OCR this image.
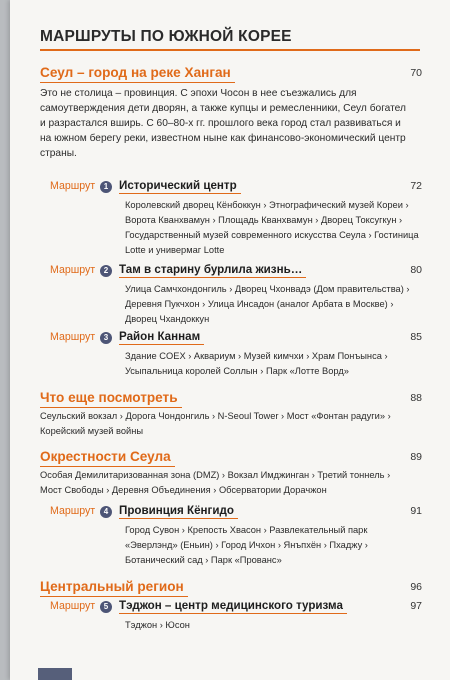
МАРШРУТЫ ПО ЮЖНОЙ КОРЕЕ
Сеул – город на реке Ханган	70
Это не столица – провинция. С эпохи Чосон в нее съезжались для самоутверждения дети дворян, а также купцы и ремесленники, Сеул богател и разрастался вширь. С 60–80-х гг. прошлого века город стал развиваться и на южном берегу реки, известном ныне как финансово-экономический центр страны.
Маршрут	1 Исторический центр	72
Королевский дворец Кёнбоккун › Этнографический музей Кореи › Ворота Кванхвамун › Площадь Кванхвамун › Дворец Токсугкун › Государственный музей современного искусства Сеула › Гостиница Lotte и универмаг Lotte
Маршрут	2 Там в старину бурлила жизнь…	80
Улица Самчхондонгиль › Дворец Чхонвадэ (Дом правительства) › Деревня Пукчхон › Улица Инсадон (аналог Арбата в Москве) › Дворец Чхандоккун
Маршрут	3 Район Каннам	85
Здание COEX › Аквариум › Музей кимчхи › Храм Понъынса › Усыпальница королей Соллын › Парк «Лотте Ворд»
Что еще посмотреть	88
Сеульский вокзал › Дорога Чондонгиль › N-Seoul Tower › Мост «Фонтан радуги» › Корейский музей войны
Окрестности Сеула	89
Особая Демилитаризованная зона (DMZ) › Вокзал Имджинган › Третий тоннель › Мост Свободы › Деревня Объединения › Обсерватории Дорачжон
Маршрут	4 Провинция Кёнгидо	91
Город Сувон › Крепость Хвасон › Развлекательный парк «Эверлэнд» (Еньин) › Город Ичхон › Янъпхён › Пхаджу › Ботанический сад › Парк «Прованс»
Центральный регион	96
Маршрут	5 Тэджон – центр медицинского туризма	97
Тэджон › Юсон
